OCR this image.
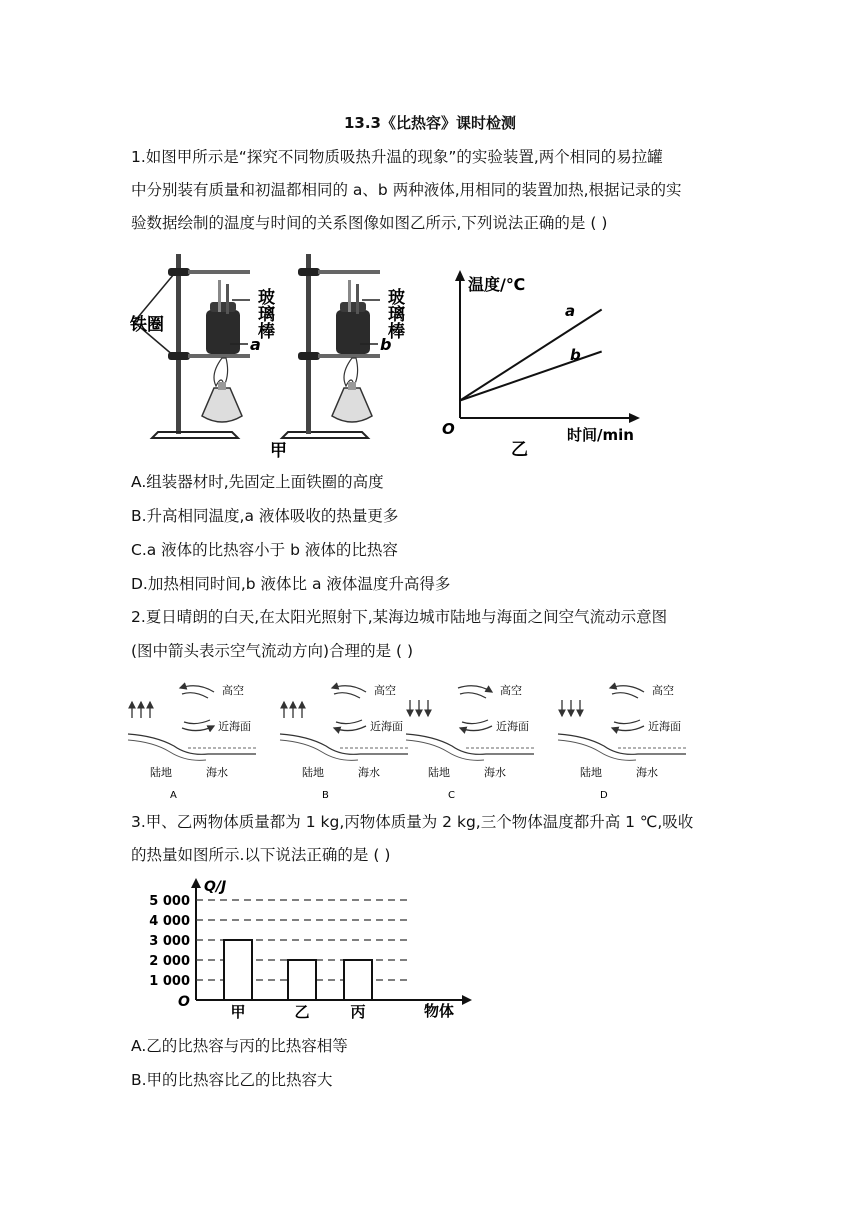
13.3《比热容》课时检测
1.如图甲所示是“探究不同物质吸热升温的现象”的实验装置,两个相同的易拉罐
中分别装有质量和初温都相同的 a、b 两种液体,用相同的装置加热,根据记录的实
验数据绘制的温度与时间的关系图像如图乙所示,下列说法正确的是 ( )
铁圈
a
玻璃棒
b
玻璃棒
甲
温度/℃
时间/min
O
a
b
乙
A.组装器材时,先固定上面铁圈的高度
B.升高相同温度,a 液体吸收的热量更多
C.a 液体的比热容小于 b 液体的比热容
D.加热相同时间,b 液体比 a 液体温度升高得多
2.夏日晴朗的白天,在太阳光照射下,某海边城市陆地与海面之间空气流动示意图
(图中箭头表示空气流动方向)合理的是 ( )
高空
近海面
陆地	海水
A
高空
近海面
陆地	海水
B
高空
近海面
陆地	海水
C
高空
近海面
陆地	海水
D
3.甲、乙两物体质量都为 1 kg,丙物体质量为 2 kg,三个物体温度都升高 1 ℃,吸收
的热量如图所示.以下说法正确的是 ( )
1 000
2 000
3 000
4 000
5 000
甲	乙	丙
Q/J
物体
O
A.乙的比热容与丙的比热容相等
B.甲的比热容比乙的比热容大
